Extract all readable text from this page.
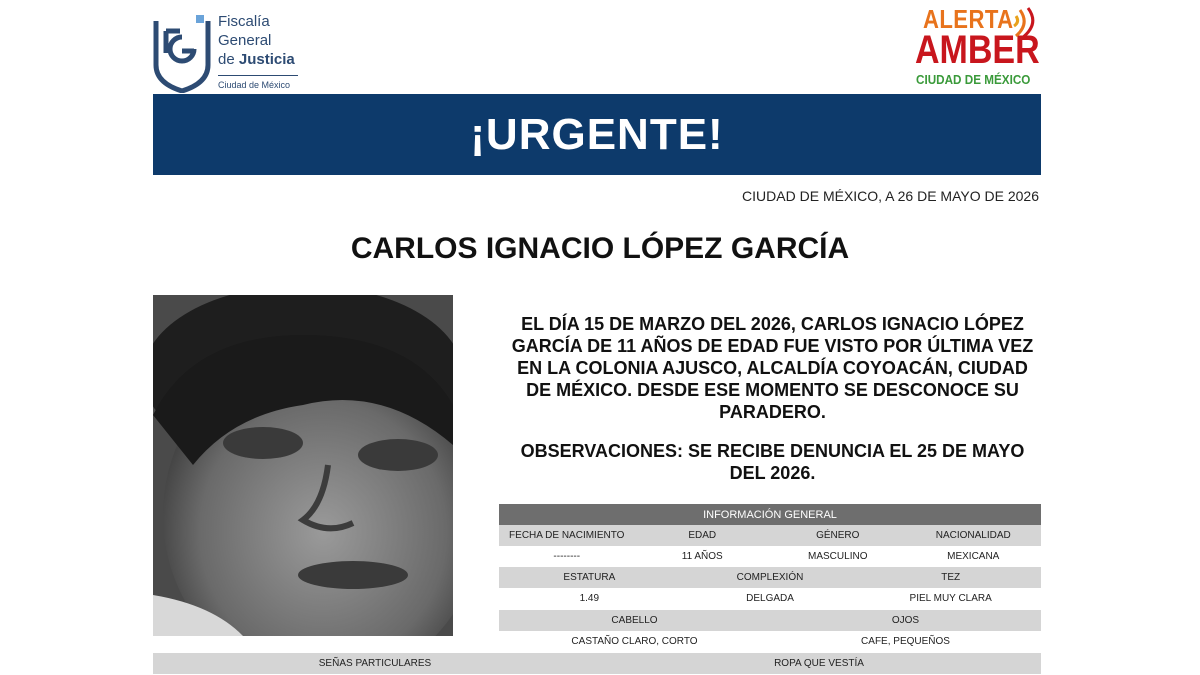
Fiscalía
General
de Justicia
Ciudad de México
ALERTA
AMBER
CIUDAD DE MÉXICO
¡URGENTE!
CIUDAD DE MÉXICO, A 26 DE MAYO DE 2026
CARLOS IGNACIO LÓPEZ GARCÍA
EL DÍA 15 DE MARZO DEL 2026, CARLOS IGNACIO LÓPEZ GARCÍA DE 11 AÑOS DE EDAD FUE VISTO POR ÚLTIMA VEZ EN LA COLONIA AJUSCO, ALCALDÍA COYOACÁN, CIUDAD DE MÉXICO. DESDE ESE MOMENTO SE DESCONOCE SU PARADERO.
OBSERVACIONES: SE RECIBE DENUNCIA EL 25 DE MAYO DEL 2026.
INFORMACIÓN GENERAL
FECHA DE NACIMIENTO	EDAD	GÉNERO	NACIONALIDAD
--------	11 AÑOS	MASCULINO	MEXICANA
ESTATURA	COMPLEXIÓN	TEZ
1.49	DELGADA	PIEL MUY CLARA
CABELLO	OJOS
CASTAÑO CLARO, CORTO	CAFE, PEQUEÑOS
SEÑAS PARTICULARES	ROPA QUE VESTÍA
